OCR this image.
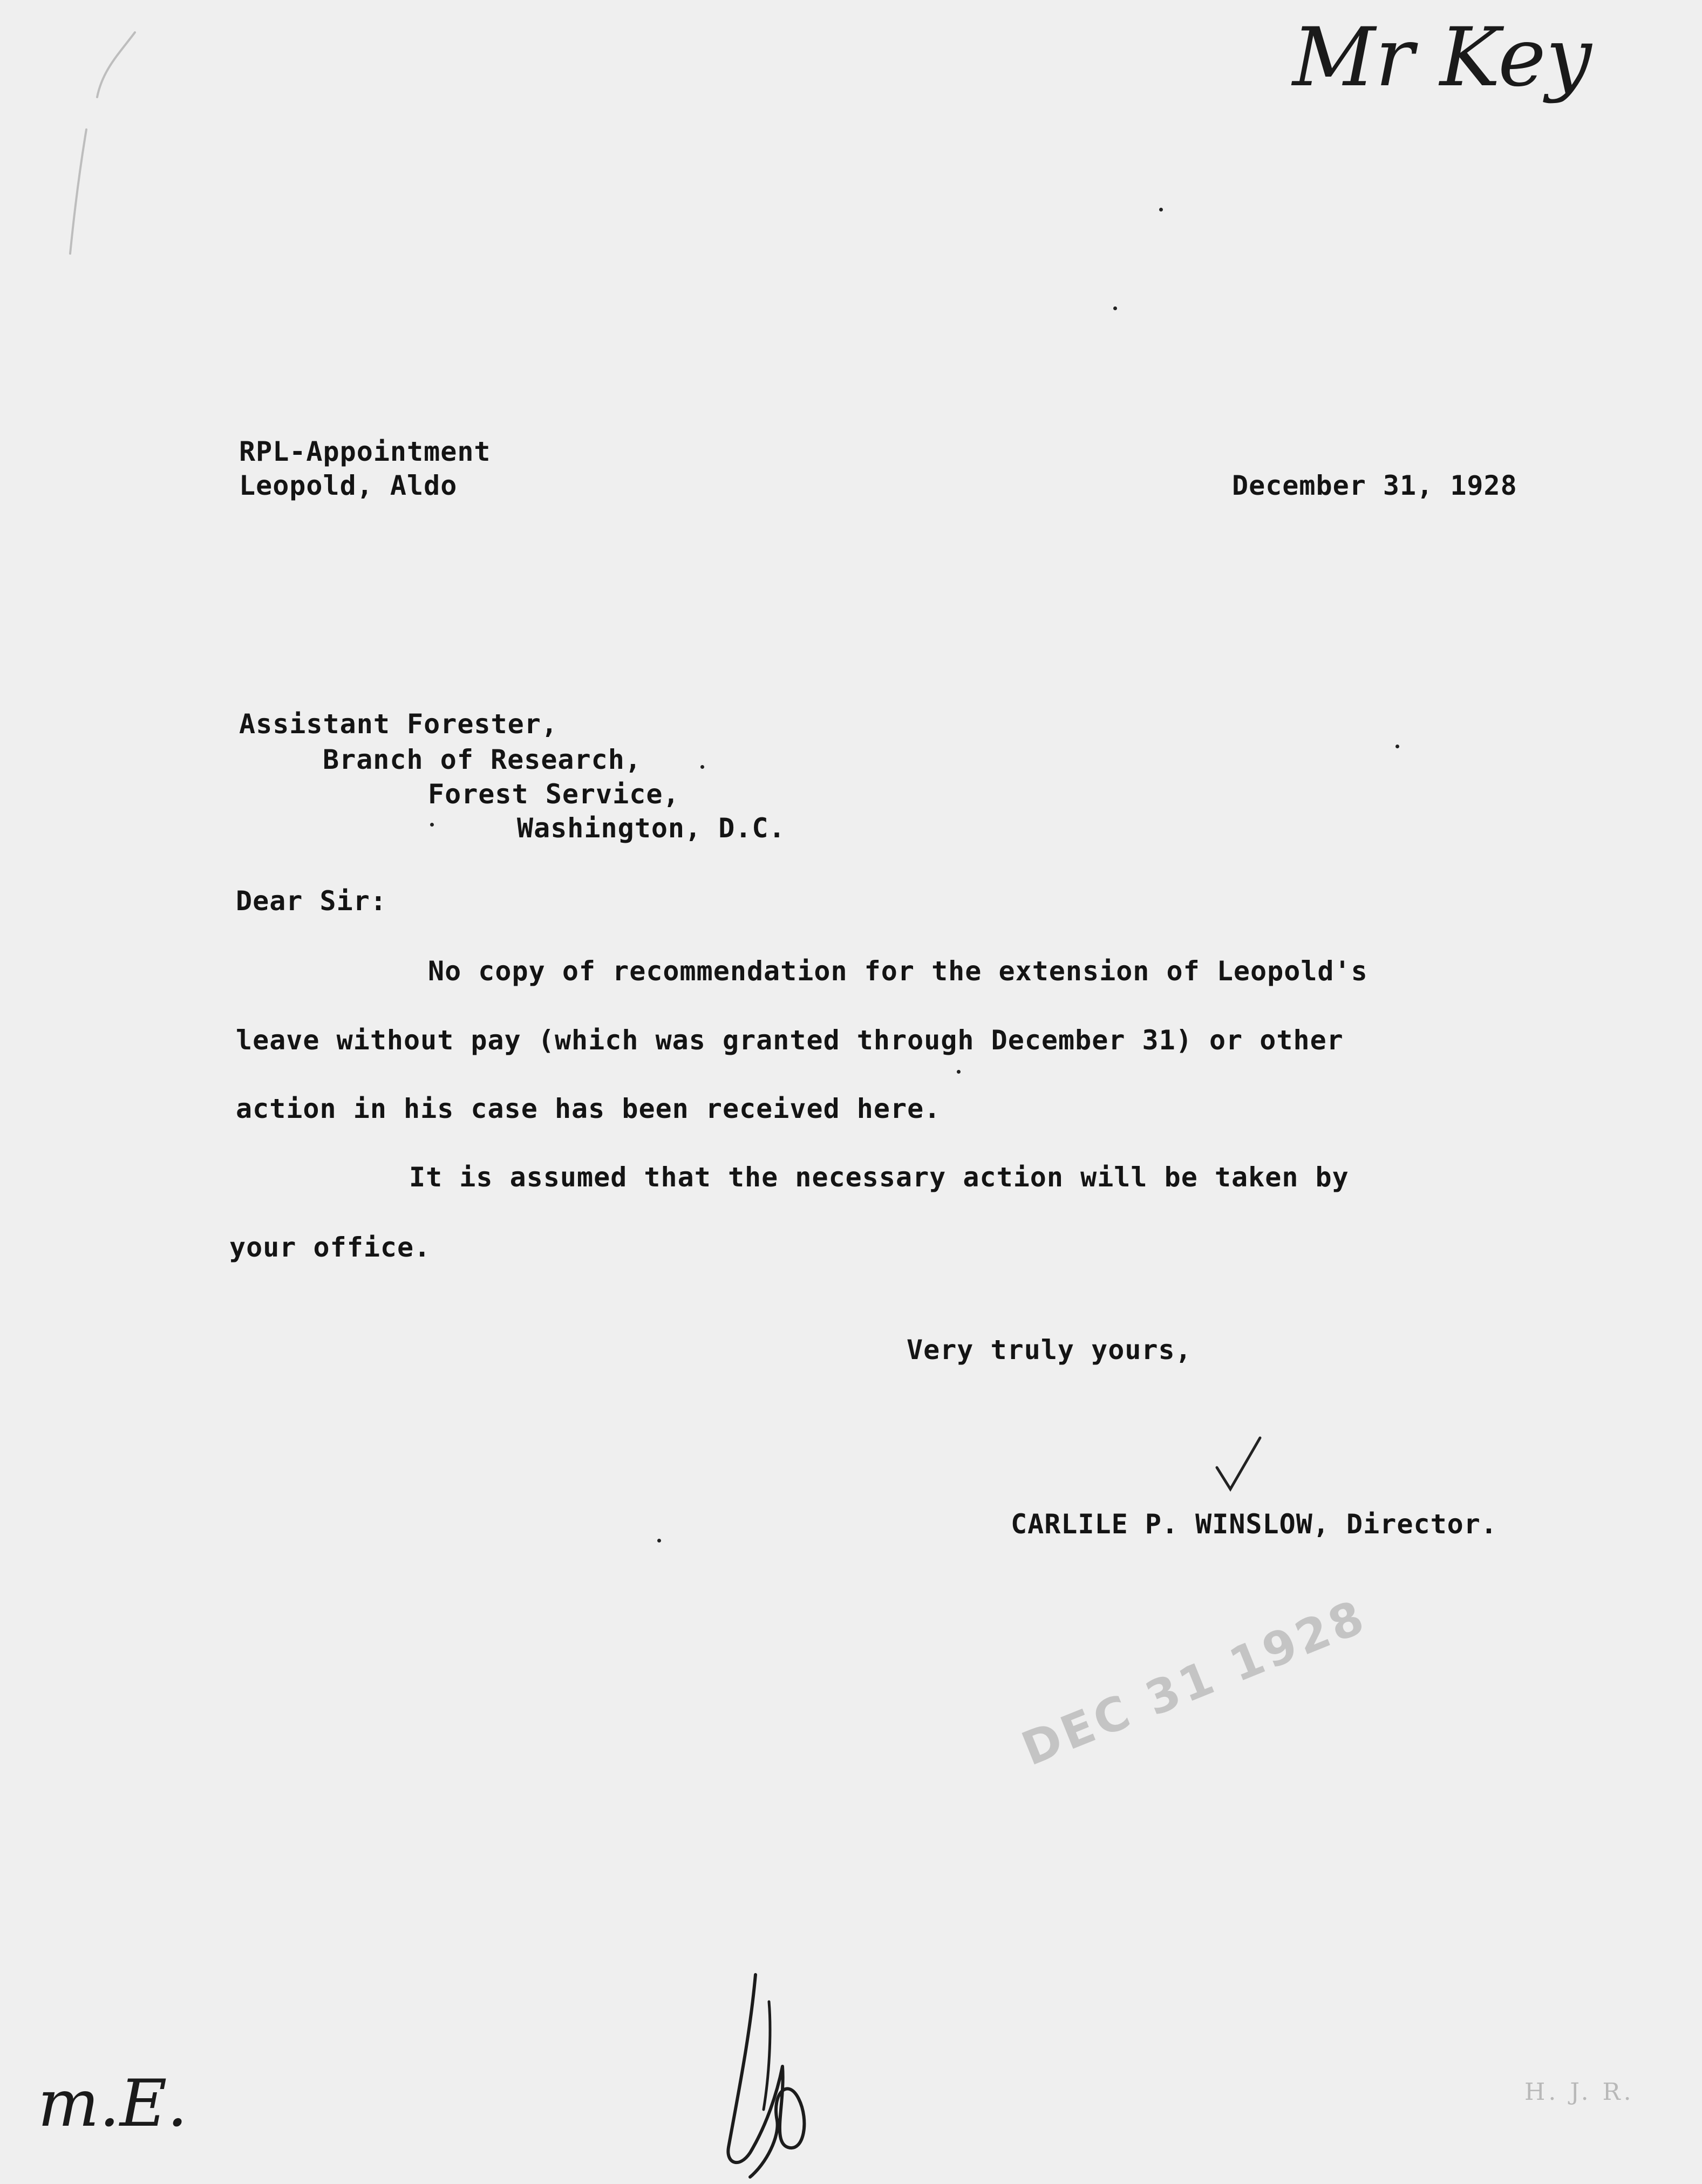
Mr Key
RPL-Appointment
Leopold, Aldo	December 31, 1928
Assistant Forester,
Branch of Research,
Forest Service,
Washington, D.C.
Dear Sir:
No copy of recommendation for the extension of Leopold's
leave without pay (which was granted through December 31) or other
action in his case has been received here.
It is assumed that the necessary action will be taken by
your office.
Very truly yours,
CARLILE P. WINSLOW, Director.
DEC 31 1928
m.E.	H. J. R.
